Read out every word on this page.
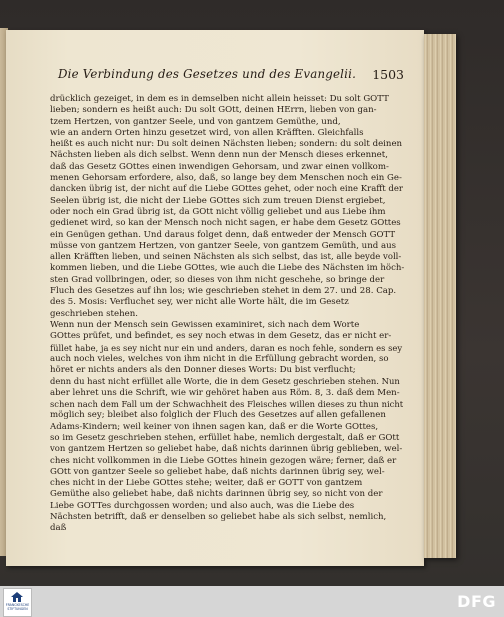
Die Verbindung des Gesetzes und des Evangelii. 1503
drücklich gezeiget, in dem es in demselben nicht allein heisset: Du solt GOTT
lieben; sondern es heißt auch: Du solt GOtt, deinen HErrn, lieben von gan-
tzem Hertzen, von gantzer Seele, und von gantzem Gemüthe, und,
wie an andern Orten hinzu gesetzet wird, von allen Kräfften. Gleichfalls
heißt es auch nicht nur: Du solt deinen Nächsten lieben; sondern: du solt deinen
Nächsten lieben als dich selbst. Wenn denn nun der Mensch dieses erkennet,
daß das Gesetz GOttes einen inwendigen Gehorsam, und zwar einen vollkom-
menen Gehorsam erfordere, also, daß, so lange bey dem Menschen noch ein Ge-
dancken übrig ist, der nicht auf die Liebe GOttes gehet, oder noch eine Krafft der
Seelen übrig ist, die nicht der Liebe GOttes sich zum treuen Dienst ergiebet,
oder noch ein Grad übrig ist, da GOtt nicht völlig geliebet und aus Liebe ihm
gedienet wird, so kan der Mensch noch nicht sagen, er habe dem Gesetz GOttes
ein Genügen gethan. Und daraus folget denn, daß entweder der Mensch GOTT
müsse von gantzem Hertzen, von gantzer Seele, von gantzem Gemüth, und aus
allen Kräfften lieben, und seinen Nächsten als sich selbst, das ist, alle beyde voll-
kommen lieben, und die Liebe GOttes, wie auch die Liebe des Nächsten im höch-
sten Grad vollbringen, oder, so dieses von ihm nicht geschehe, so bringe der
Fluch des Gesetzes auf ihn los; wie geschrieben stehet in dem 27. und 28. Cap.
des 5. Mosis: Verfluchet sey, wer nicht alle Worte hält, die im Gesetz
geschrieben stehen.
Wenn nun der Mensch sein Gewissen examiniret, sich nach dem Worte
GOttes prüfet, und befindet, es sey noch etwas in dem Gesetz, das er nicht er-
füllet habe, ja es sey nicht nur ein und anders, daran es noch fehle, sondern es sey
auch noch vieles, welches von ihm nicht in die Erfüllung gebracht worden, so
höret er nichts anders als den Donner dieses Worts: Du bist verflucht;
denn du hast nicht erfüllet alle Worte, die in dem Gesetz geschrieben stehen. Nun
aber lehret uns die Schrift, wie wir gehöret haben aus Röm. 8, 3. daß dem Men-
schen nach dem Fall um der Schwachheit des Fleisches willen dieses zu thun nicht
möglich sey; bleibet also folglich der Fluch des Gesetzes auf allen gefallenen
Adams-Kindern; weil keiner von ihnen sagen kan, daß er die Worte GOttes,
so im Gesetz geschrieben stehen, erfüllet habe, nemlich dergestalt, daß er GOtt
von gantzem Hertzen so geliebet habe, daß nichts darinnen übrig geblieben, wel-
ches nicht vollkommen in die Liebe GOttes hinein gezogen wäre; ferner, daß er
GOtt von gantzer Seele so geliebet habe, daß nichts darinnen übrig sey, wel-
ches nicht in der Liebe GOttes stehe; weiter, daß er GOTT von gantzem
Gemüthe also geliebet habe, daß nichts darinnen übrig sey, so nicht von der
Liebe GOTTes durchgossen worden; und also auch, was die Liebe des
Nächsten betrifft, daß er denselben so geliebet habe als sich selbst, nemlich,
daß
FRANCKESCHE STIFTUNGEN	DFG
